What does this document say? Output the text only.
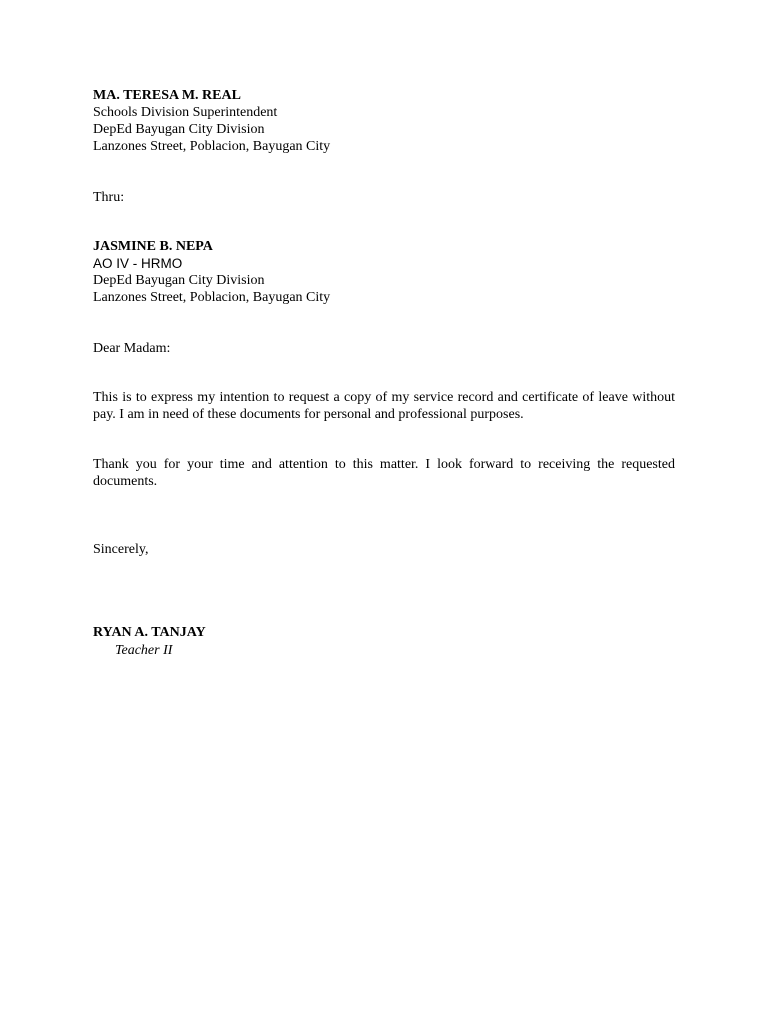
MA. TERESA M. REAL
Schools Division Superintendent
DepEd Bayugan City Division
Lanzones Street, Poblacion, Bayugan City
Thru:
JASMINE B. NEPA
AO IV - HRMO
DepEd Bayugan City Division
Lanzones Street, Poblacion, Bayugan City
Dear Madam:
This is to express my intention to request a copy of my service record and certificate of leave without pay. I am in need of these documents for personal and professional purposes.
Thank you for your time and attention to this matter. I look forward to receiving the requested documents.
Sincerely,
RYAN A. TANJAY
Teacher II
